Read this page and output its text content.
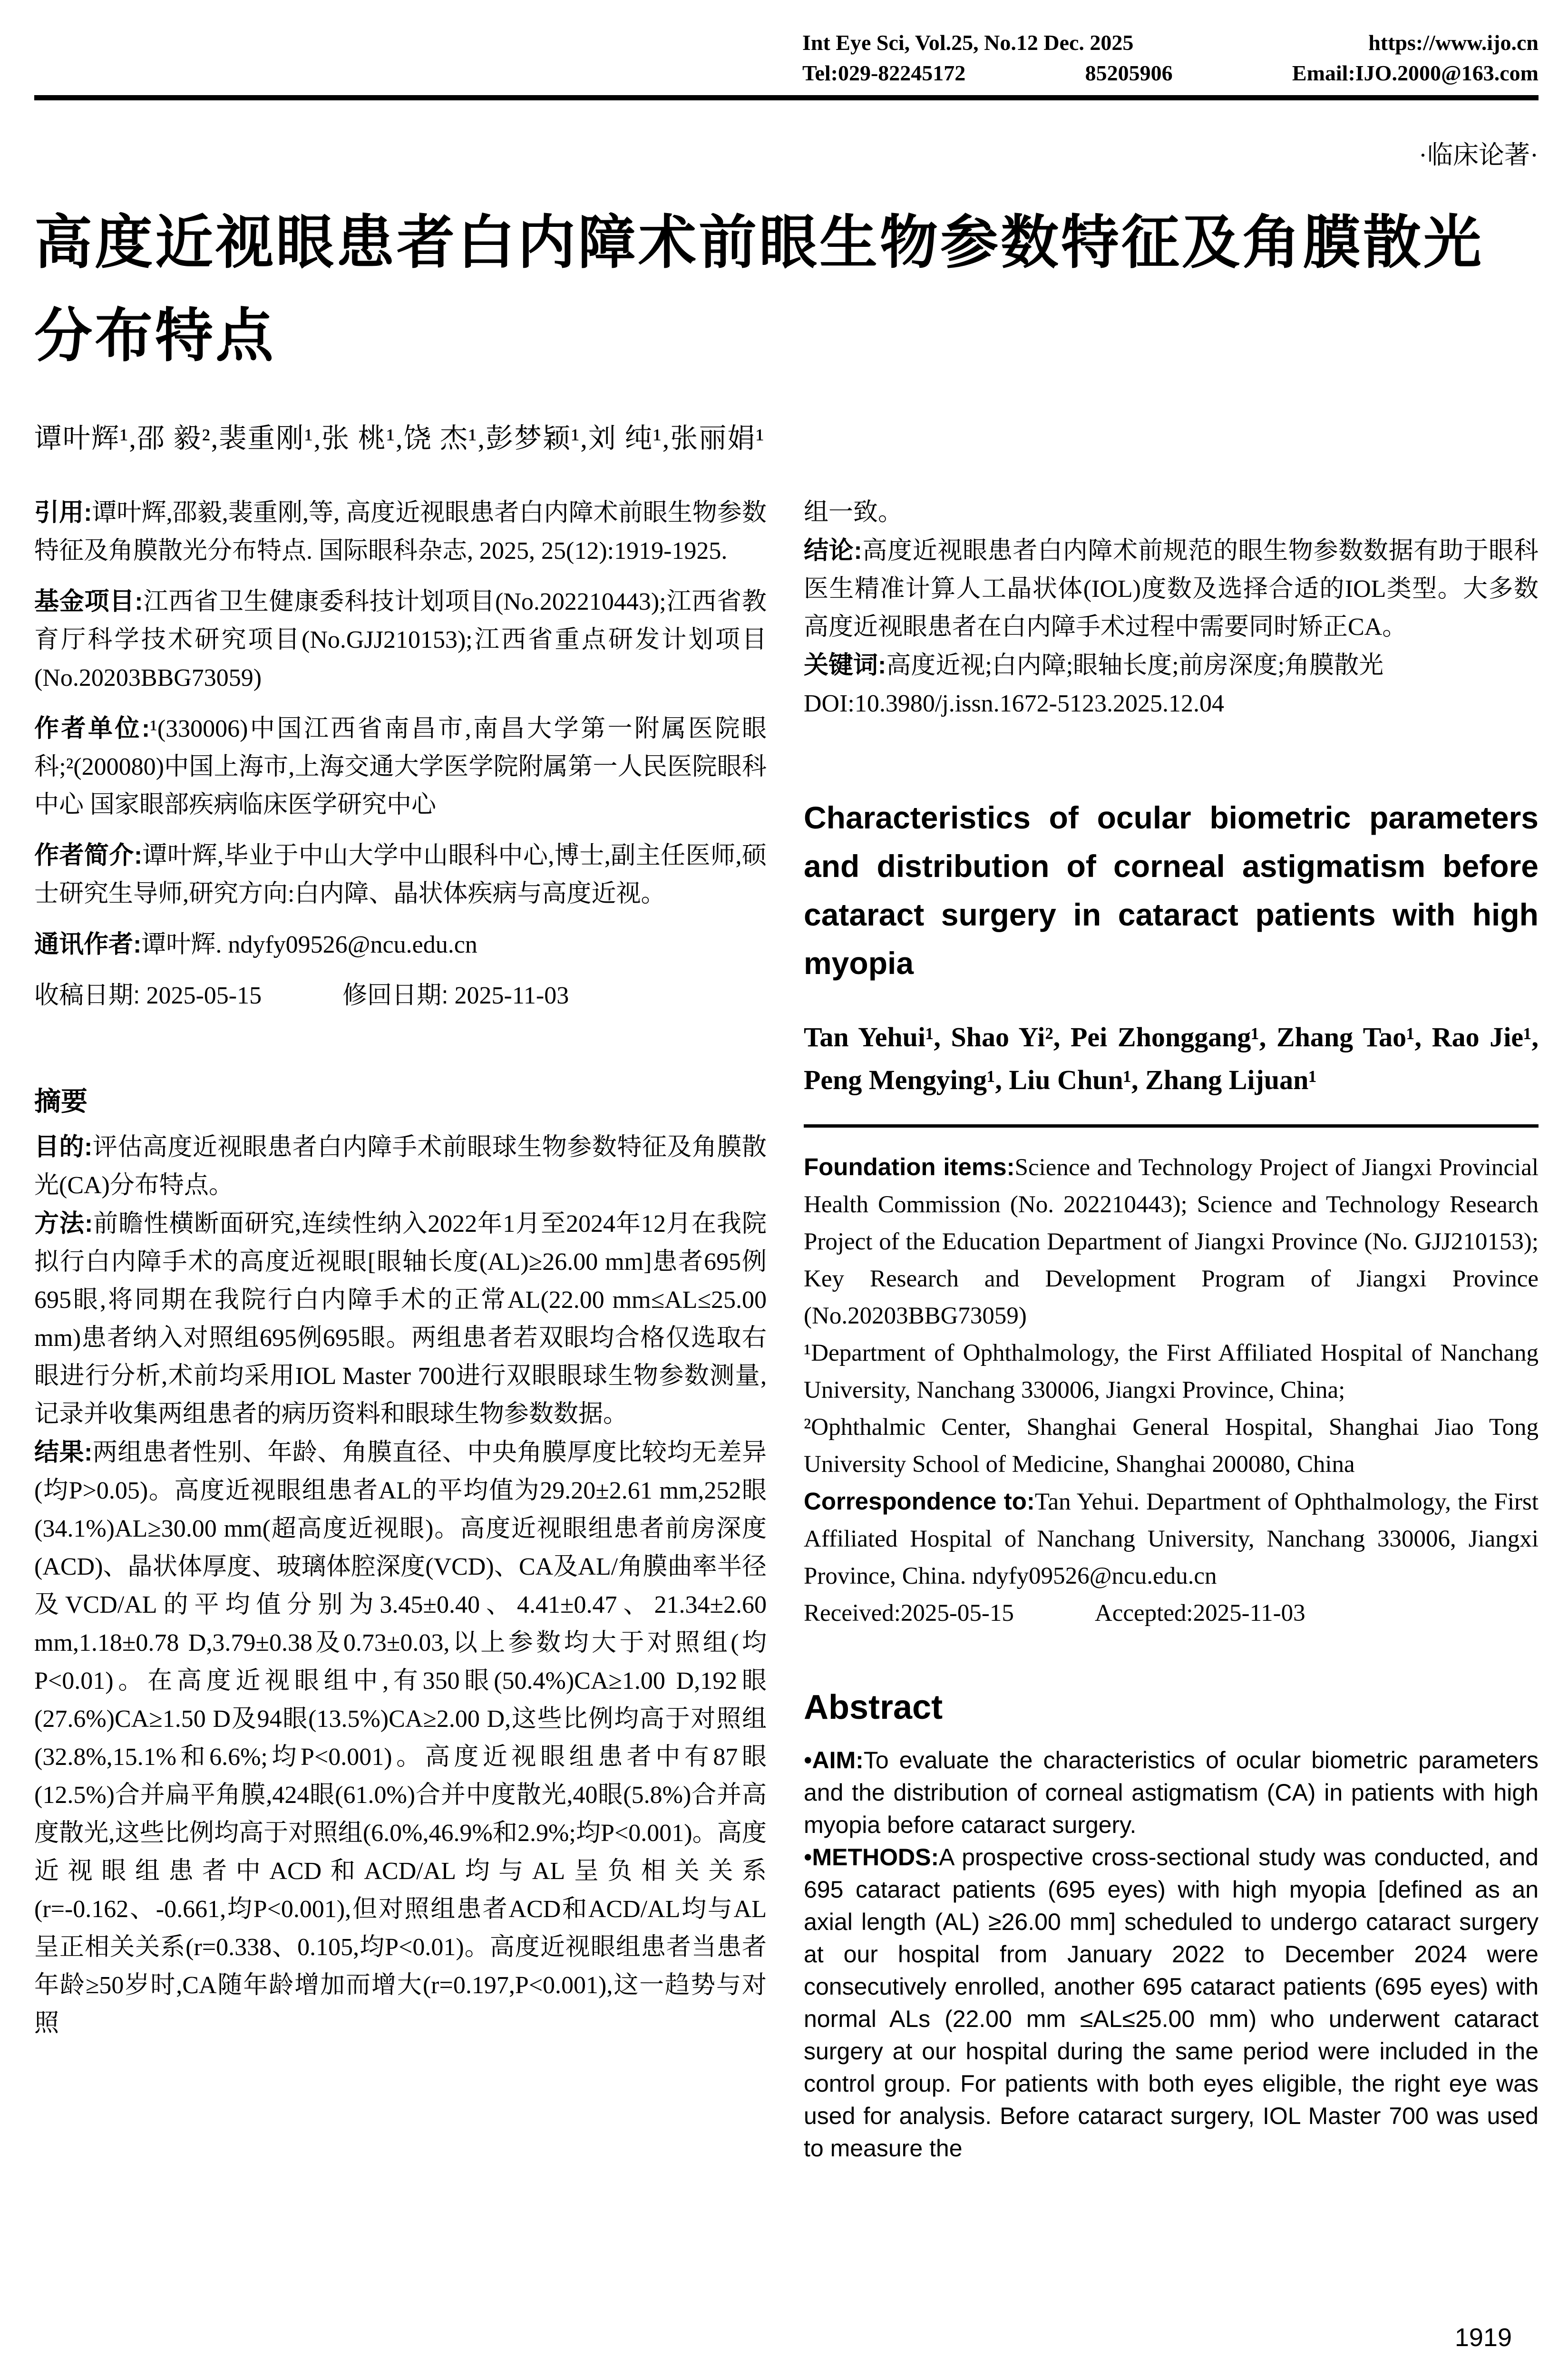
Int Eye Sci, Vol.25, No.12 Dec. 2025	https://www.ijo.cn
Tel:029-82245172	85205906	Email:IJO.2000@163.com
·临床论著·
高度近视眼患者白内障术前眼生物参数特征及角膜散光
分布特点
谭叶辉¹,邵 毅²,裴重刚¹,张 桃¹,饶 杰¹,彭梦颖¹,刘 纯¹,张丽娟¹

引用:谭叶辉,邵毅,裴重刚,等, 高度近视眼患者白内障术前眼生物参数特征及角膜散光分布特点. 国际眼科杂志, 2025, 25(12):1919-1925.

基金项目:江西省卫生健康委科技计划项目(No.202210443);江西省教育厅科学技术研究项目(No.GJJ210153);江西省重点研发计划项目(No.20203BBG73059)

作者单位:¹(330006)中国江西省南昌市,南昌大学第一附属医院眼科;²(200080)中国上海市,上海交通大学医学院附属第一人民医院眼科中心 国家眼部疾病临床医学研究中心

作者简介:谭叶辉,毕业于中山大学中山眼科中心,博士,副主任医师,硕士研究生导师,研究方向:白内障、晶状体疾病与高度近视。

通讯作者:谭叶辉. ndyfy09526@ncu.edu.cn

收稿日期: 2025-05-15	修回日期: 2025-11-03

摘要

目的:评估高度近视眼患者白内障手术前眼球生物参数特征及角膜散光(CA)分布特点。

方法:前瞻性横断面研究,连续性纳入2022年1月至2024年12月在我院拟行白内障手术的高度近视眼[眼轴长度(AL)≥26.00 mm]患者695例695眼,将同期在我院行白内障手术的正常AL(22.00 mm≤AL≤25.00 mm)患者纳入对照组695例695眼。两组患者若双眼均合格仅选取右眼进行分析,术前均采用IOL Master 700进行双眼眼球生物参数测量,记录并收集两组患者的病历资料和眼球生物参数数据。

结果:两组患者性别、年龄、角膜直径、中央角膜厚度比较均无差异(均P>0.05)。高度近视眼组患者AL的平均值为29.20±2.61 mm,252眼(34.1%)AL≥30.00 mm(超高度近视眼)。高度近视眼组患者前房深度(ACD)、晶状体厚度、玻璃体腔深度(VCD)、CA及AL/角膜曲率半径及VCD/AL的平均值分别为3.45±0.40、4.41±0.47、21.34±2.60 mm,1.18±0.78 D,3.79±0.38及0.73±0.03,以上参数均大于对照组(均P<0.01)。在高度近视眼组中,有350眼(50.4%)CA≥1.00 D,192眼(27.6%)CA≥1.50 D及94眼(13.5%)CA≥2.00 D,这些比例均高于对照组(32.8%,15.1%和6.6%;均P<0.001)。高度近视眼组患者中有87眼(12.5%)合并扁平角膜,424眼(61.0%)合并中度散光,40眼(5.8%)合并高度散光,这些比例均高于对照组(6.0%,46.9%和2.9%;均P<0.001)。高度近视眼组患者中ACD和ACD/AL均与AL呈负相关关系(r=-0.162、-0.661,均P<0.001),但对照组患者ACD和ACD/AL均与AL呈正相关关系(r=0.338、0.105,均P<0.01)。高度近视眼组患者当患者年龄≥50岁时,CA随年龄增加而增大(r=0.197,P<0.001),这一趋势与对照

组一致。

结论:高度近视眼患者白内障术前规范的眼生物参数数据有助于眼科医生精准计算人工晶状体(IOL)度数及选择合适的IOL类型。大多数高度近视眼患者在白内障手术过程中需要同时矫正CA。

关键词:高度近视;白内障;眼轴长度;前房深度;角膜散光

DOI:10.3980/j.issn.1672-5123.2025.12.04

Characteristics of ocular biometric parameters and distribution of corneal astigmatism before cataract surgery in cataract patients with high myopia

Tan Yehui¹, Shao Yi², Pei Zhonggang¹, Zhang Tao¹, Rao Jie¹, Peng Mengying¹, Liu Chun¹, Zhang Lijuan¹

Foundation items:Science and Technology Project of Jiangxi Provincial Health Commission (No. 202210443); Science and Technology Research Project of the Education Department of Jiangxi Province (No. GJJ210153); Key Research and Development Program of Jiangxi Province (No.20203BBG73059)

¹Department of Ophthalmology, the First Affiliated Hospital of Nanchang University, Nanchang 330006, Jiangxi Province, China;

²Ophthalmic Center, Shanghai General Hospital, Shanghai Jiao Tong University School of Medicine, Shanghai 200080, China

Correspondence to:Tan Yehui. Department of Ophthalmology, the First Affiliated Hospital of Nanchang University, Nanchang 330006, Jiangxi Province, China. ndyfy09526@ncu.edu.cn

Received:2025-05-15	Accepted:2025-11-03

Abstract

•AIM:To evaluate the characteristics of ocular biometric parameters and the distribution of corneal astigmatism (CA) in patients with high myopia before cataract surgery.

•METHODS:A prospective cross-sectional study was conducted, and 695 cataract patients (695 eyes) with high myopia [defined as an axial length (AL) ≥26.00 mm] scheduled to undergo cataract surgery at our hospital from January 2022 to December 2024 were consecutively enrolled, another 695 cataract patients (695 eyes) with normal ALs (22.00 mm ≤AL≤25.00 mm) who underwent cataract surgery at our hospital during the same period were included in the control group. For patients with both eyes eligible, the right eye was used for analysis. Before cataract surgery, IOL Master 700 was used to measure the

1919
